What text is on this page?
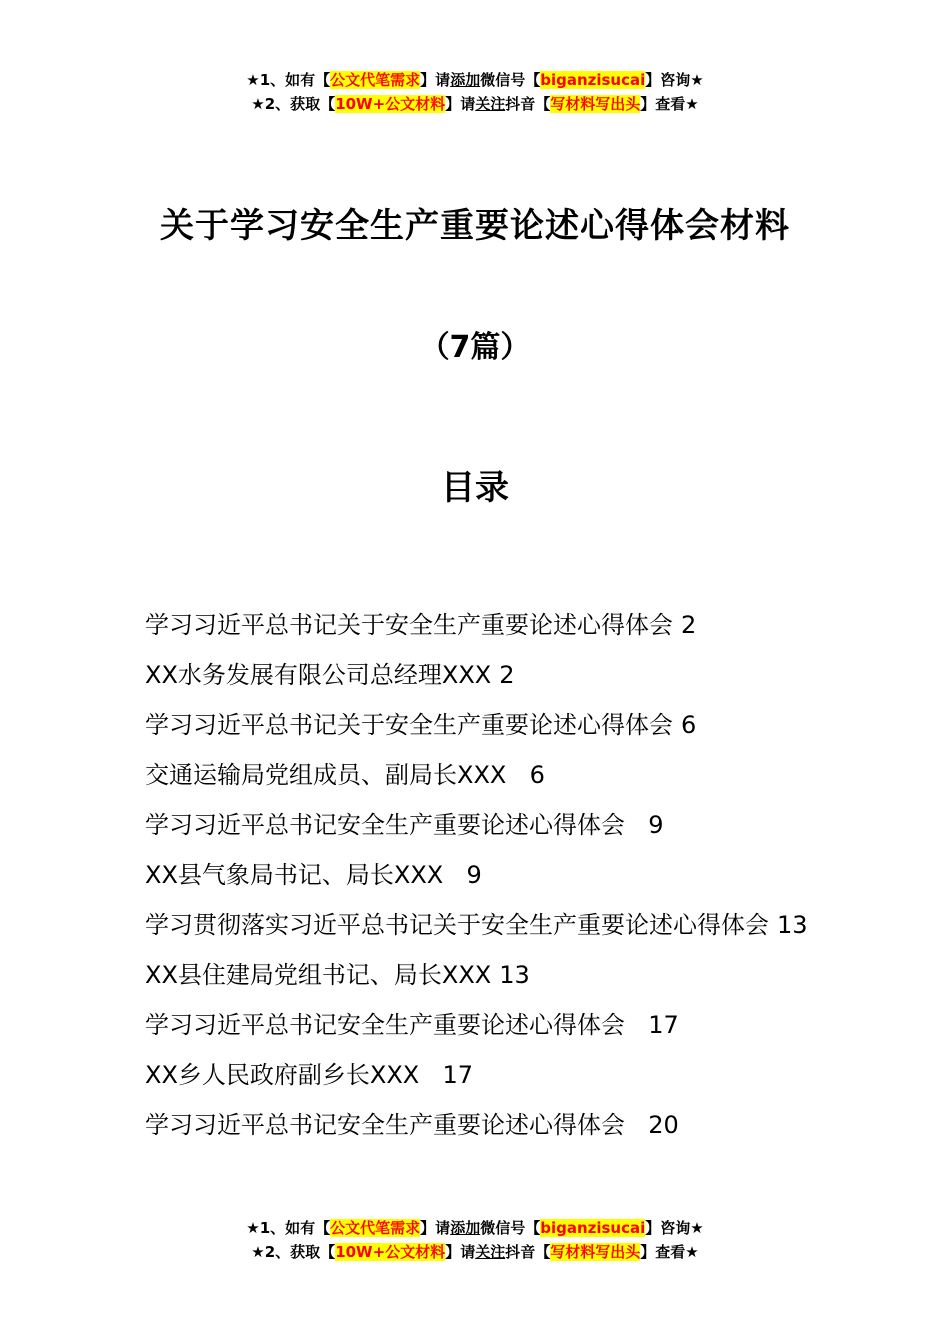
★1、如有【公文代笔需求】请添加微信号【biganzisucai】咨询★
★2、获取【10W+公文材料】请关注抖音【写材料写出头】查看★
关于学习安全生产重要论述心得体会材料
（7篇）
目录
学习习近平总书记关于安全生产重要论述心得体会 2
XX水务发展有限公司总经理XXX 2
学习习近平总书记关于安全生产重要论述心得体会 6
交通运输局党组成员、副局长XXX  6
学习习近平总书记安全生产重要论述心得体会  9
XX县气象局书记、局长XXX  9
学习贯彻落实习近平总书记关于安全生产重要论述心得体会 13
XX县住建局党组书记、局长XXX 13
学习习近平总书记安全生产重要论述心得体会  17
XX乡人民政府副乡长XXX  17
学习习近平总书记安全生产重要论述心得体会  20
★1、如有【公文代笔需求】请添加微信号【biganzisucai】咨询★
★2、获取【10W+公文材料】请关注抖音【写材料写出头】查看★
